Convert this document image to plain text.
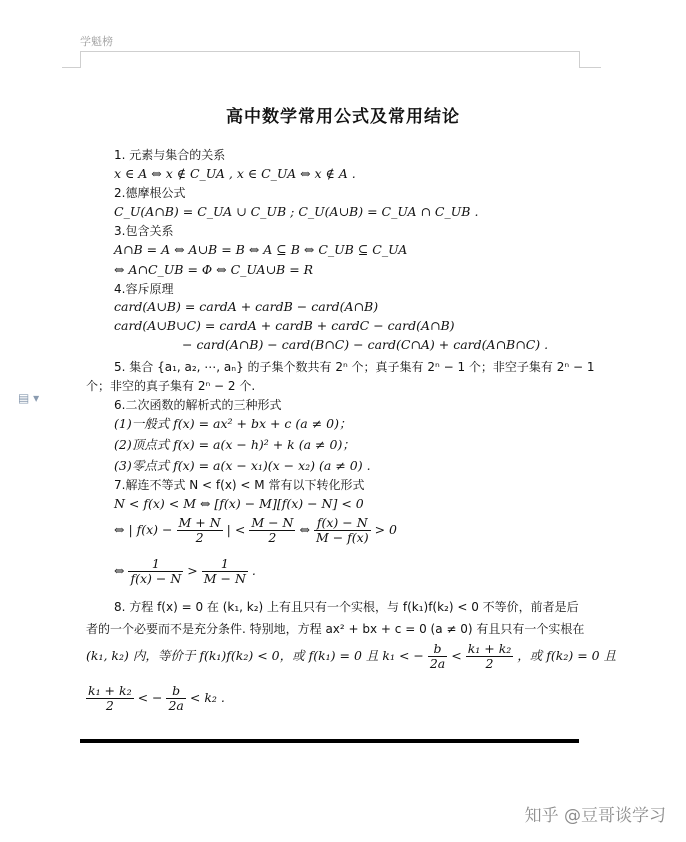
学魁榜
▤ ▾
高中数学常用公式及常用结论
1. 元素与集合的关系
x ∈ A ⇔ x ∉ C_UA , x ∈ C_UA ⇔ x ∉ A .
2.德摩根公式
C_U(A∩B) = C_UA ∪ C_UB ; C_U(A∪B) = C_UA ∩ C_UB .
3.包含关系
A∩B = A ⇔ A∪B = B ⇔ A ⊆ B ⇔ C_UB ⊆ C_UA
⇔ A∩C_UB = Φ ⇔ C_UA∪B = R
4.容斥原理
card(A∪B) = cardA + cardB − card(A∩B)
card(A∪B∪C) = cardA + cardB + cardC − card(A∩B)
− card(A∩B) − card(B∩C) − card(C∩A) + card(A∩B∩C) .
5. 集合 {a₁, a₂, ⋯, aₙ} 的子集个数共有 2ⁿ 个；真子集有 2ⁿ − 1 个；非空子集有 2ⁿ − 1
个；非空的真子集有 2ⁿ − 2 个.
6.二次函数的解析式的三种形式
(1)一般式 f(x) = ax² + bx + c (a ≠ 0)；
(2)顶点式 f(x) = a(x − h)² + k (a ≠ 0)；
(3)零点式 f(x) = a(x − x₁)(x − x₂) (a ≠ 0) .
7.解连不等式 N < f(x) < M 常有以下转化形式
N < f(x) < M ⇔ [f(x) − M][f(x) − N] < 0
⇔ | $f(x) - \frac{M + N}{2}$ | < $\frac{M - N}{2}$ ⇔ $\frac{f(x) - N}{M - f(x)} > 0$
⇔ $\frac{1}{f(x) - N} > \frac{1}{M - N}$ .
8. 方程 f(x) = 0 在 (k₁, k₂) 上有且只有一个实根，与 f(k₁)f(k₂) < 0 不等价，前者是后
者的一个必要而不是充分条件. 特别地，方程 ax² + bx + c = 0 (a ≠ 0) 有且只有一个实根在
(k₁, k₂) 内，等价于 f(k₁)f(k₂) < 0，或 f(k₁) = 0 且 k₁ < − $\frac{b}{2a} < \frac{\text{k₁ + k₂}}{2}$ ，或 f(k₂) = 0 且
$\frac{\text{k₁ + k₂}}{2}$ < − $\frac{b}{2a} < k_2$ .
知乎 @豆哥谈学习
